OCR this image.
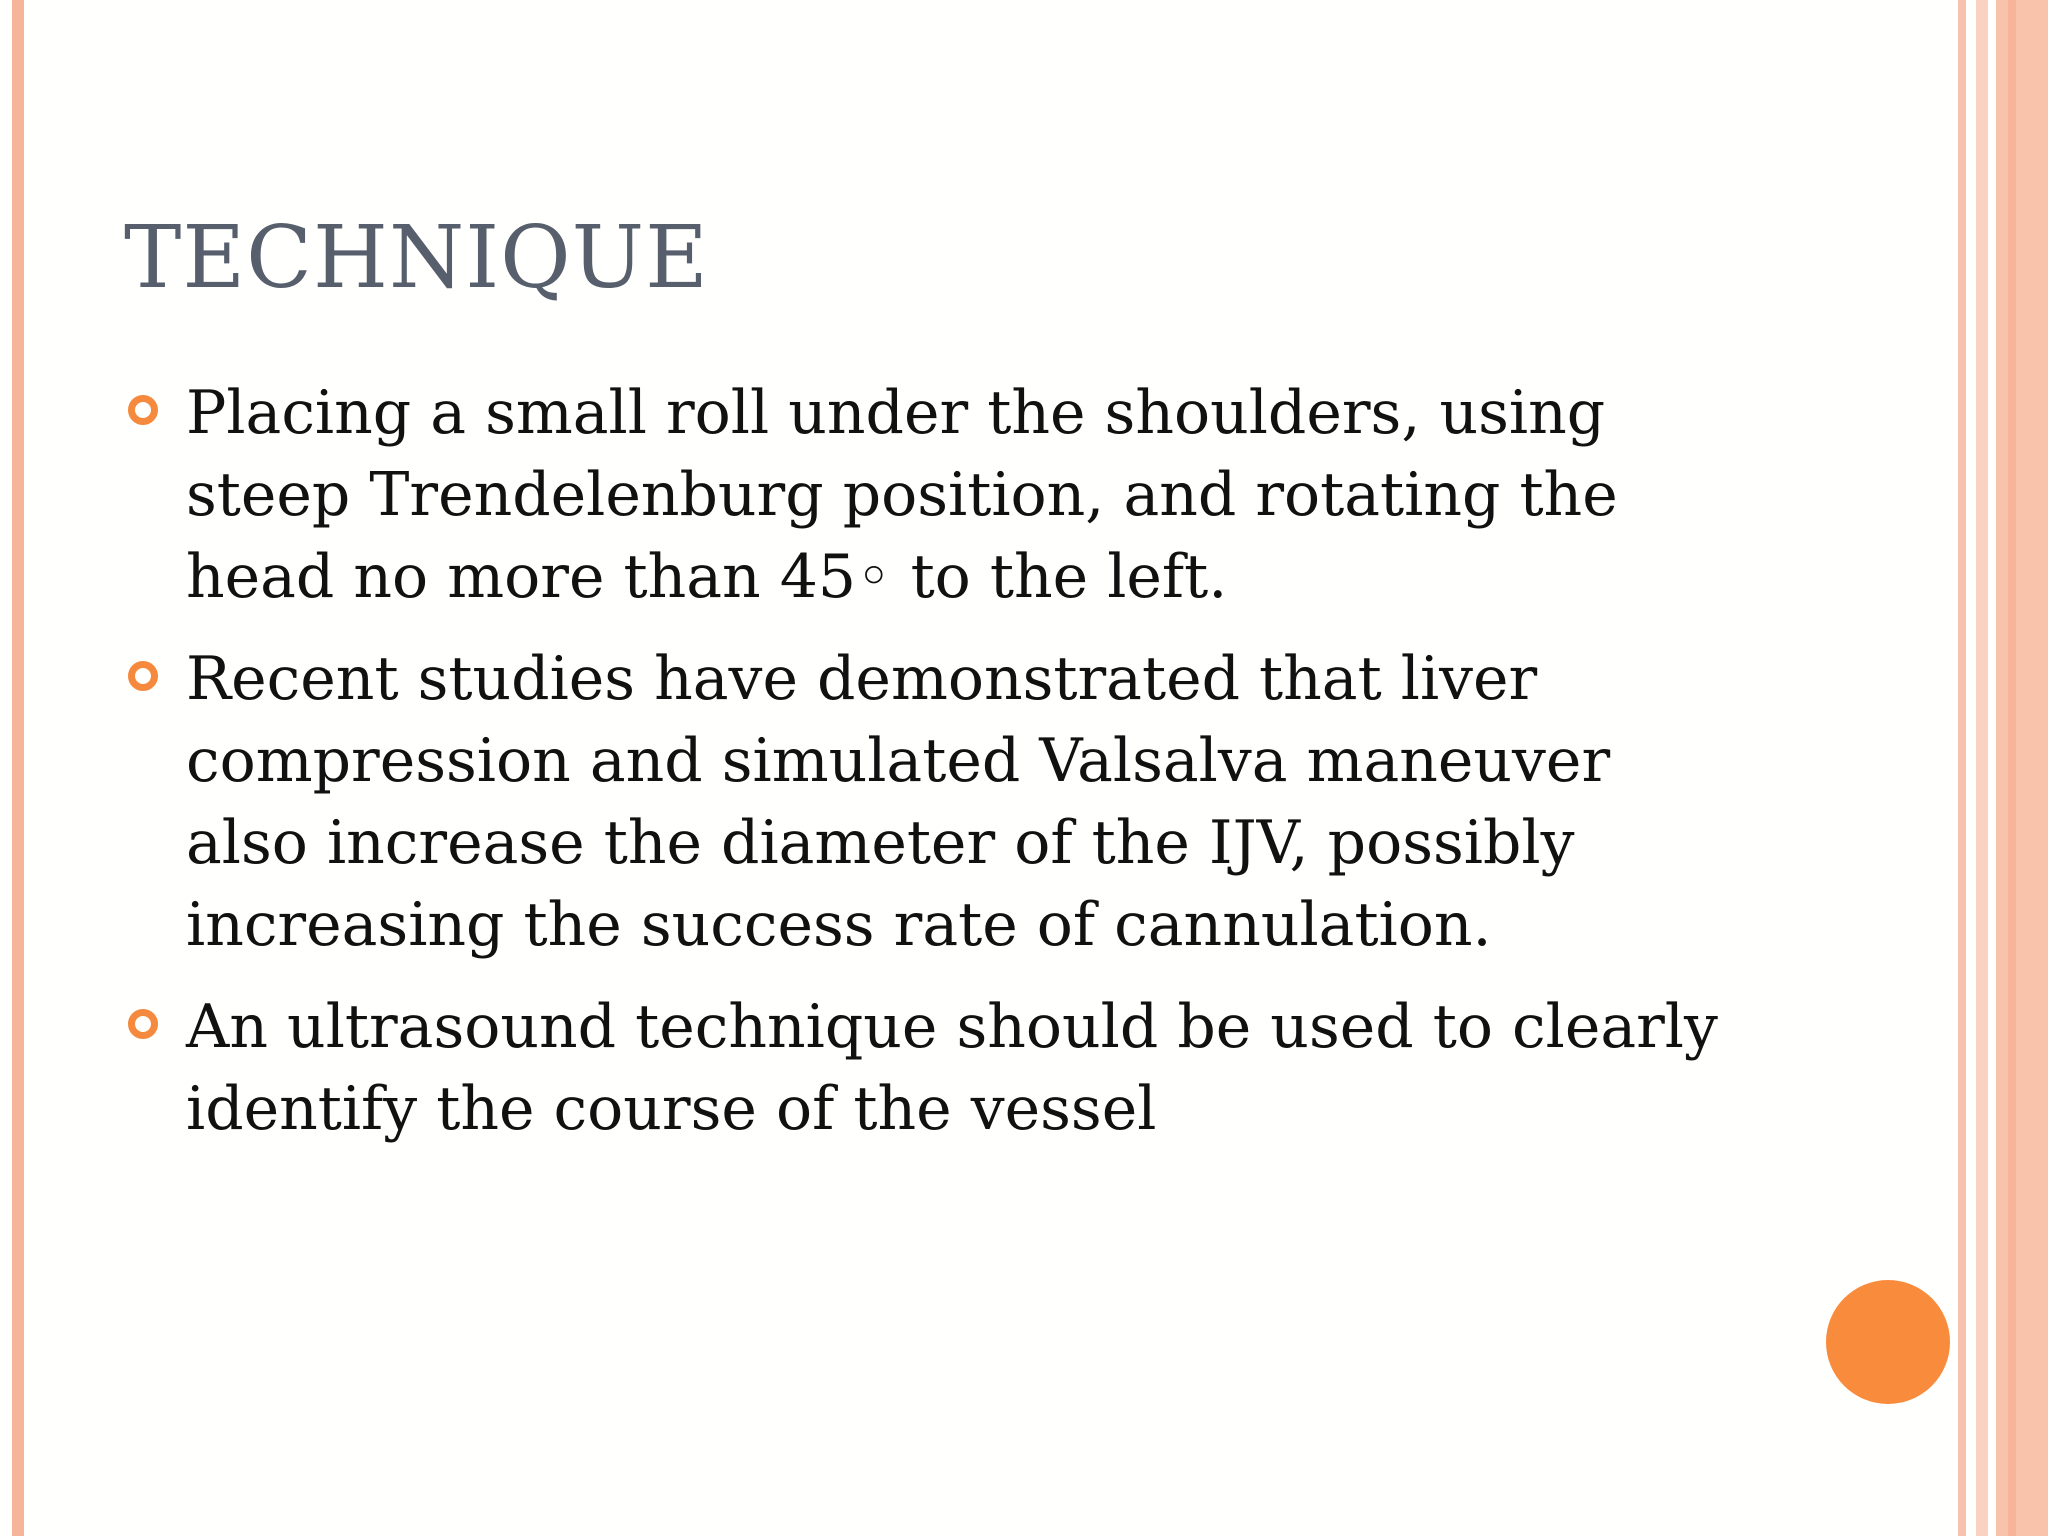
TECHNIQUE
Placing a small roll under the shoulders, using steep Trendelenburg position, and rotating the head no more than 45◦ to the left.
Recent studies have demonstrated that liver compression and simulated Valsalva maneuver also increase the diameter of the IJV, possibly increasing the success rate of cannulation.
An ultrasound technique should be used to clearly identify the course of the vessel
